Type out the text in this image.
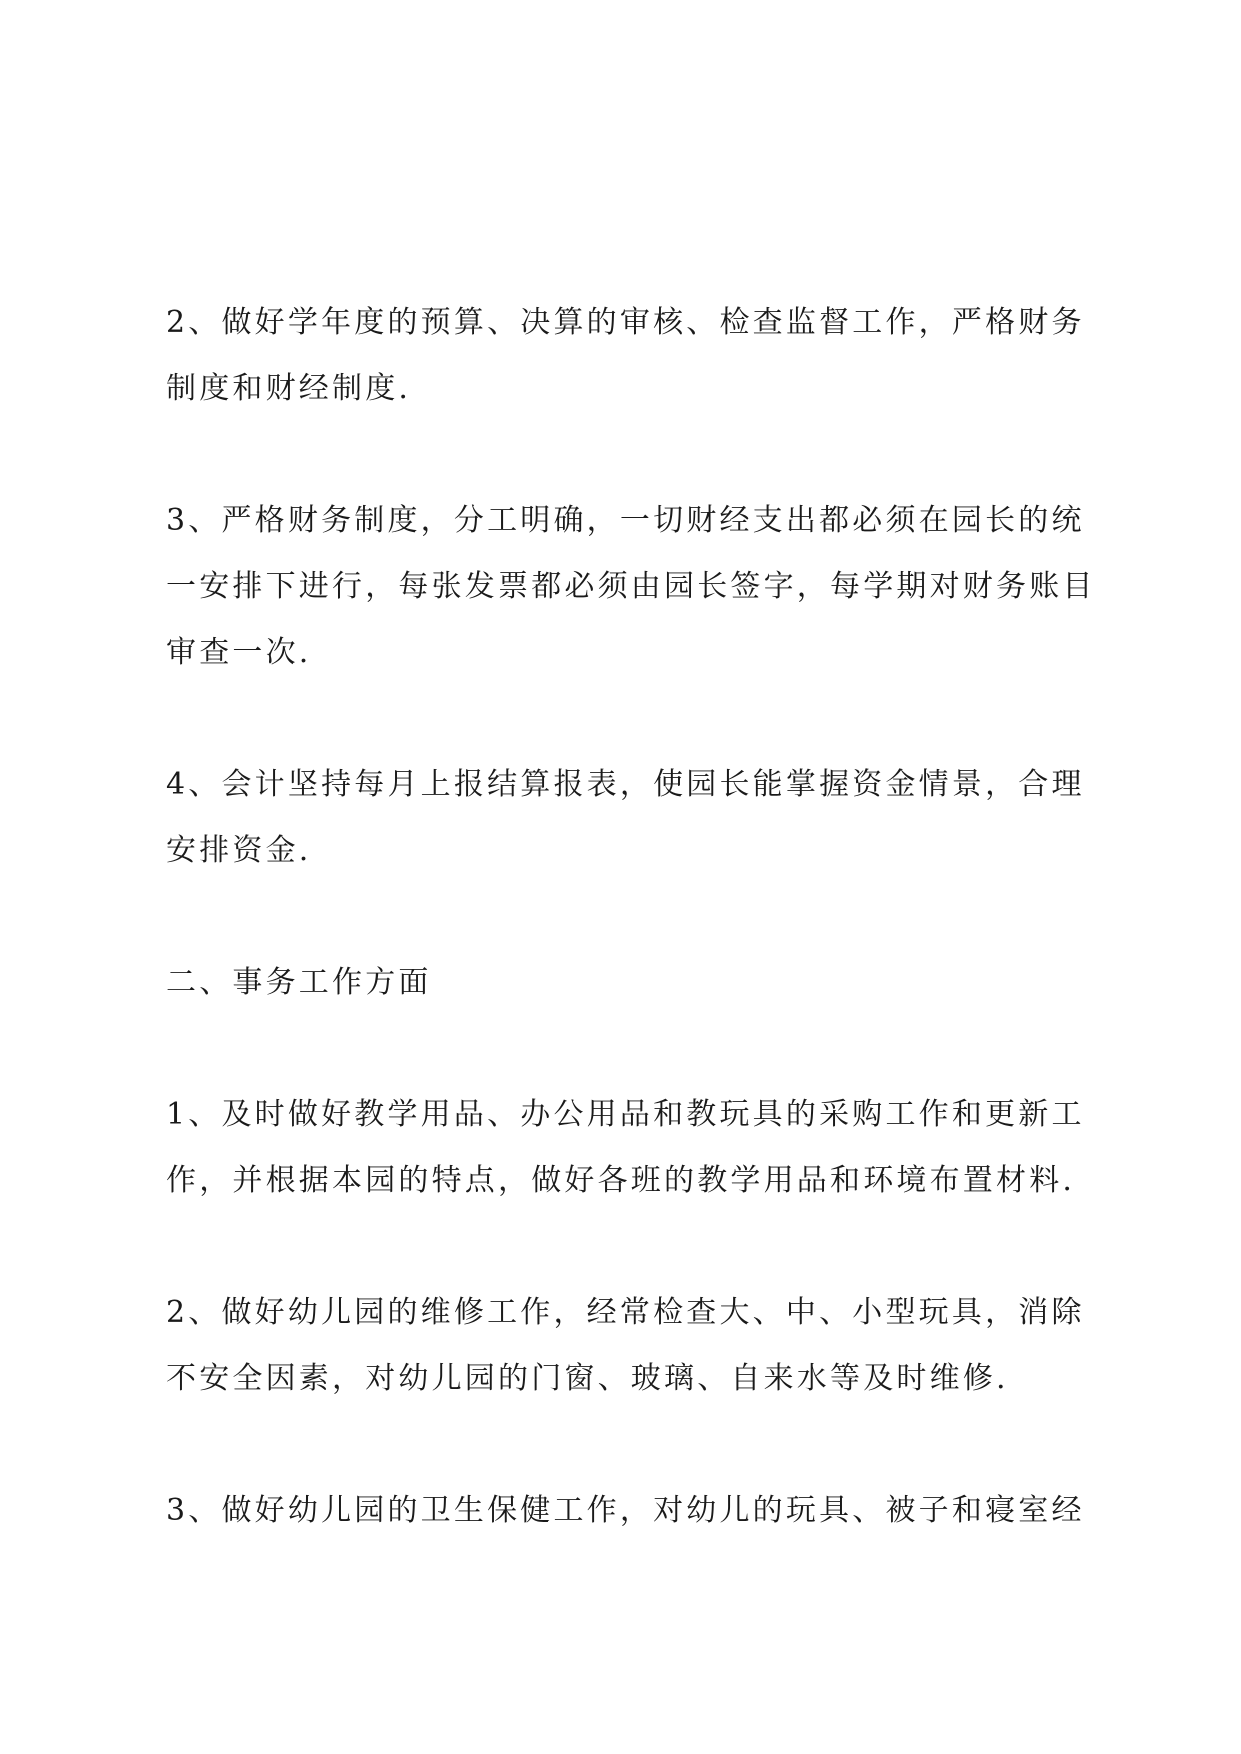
2、做好学年度的预算、决算的审核、检查监督工作，严格财务
制度和财经制度.

3、严格财务制度，分工明确，一切财经支出都必须在园长的统
一安排下进行，每张发票都必须由园长签字，每学期对财务账目
审查一次.

4、会计坚持每月上报结算报表，使园长能掌握资金情景，合理
安排资金.

二、事务工作方面

1、及时做好教学用品、办公用品和教玩具的采购工作和更新工
作，并根据本园的特点，做好各班的教学用品和环境布置材料.

2、做好幼儿园的维修工作，经常检查大、中、小型玩具，消除
不安全因素，对幼儿园的门窗、玻璃、自来水等及时维修.

3、做好幼儿园的卫生保健工作，对幼儿的玩具、被子和寝室经
